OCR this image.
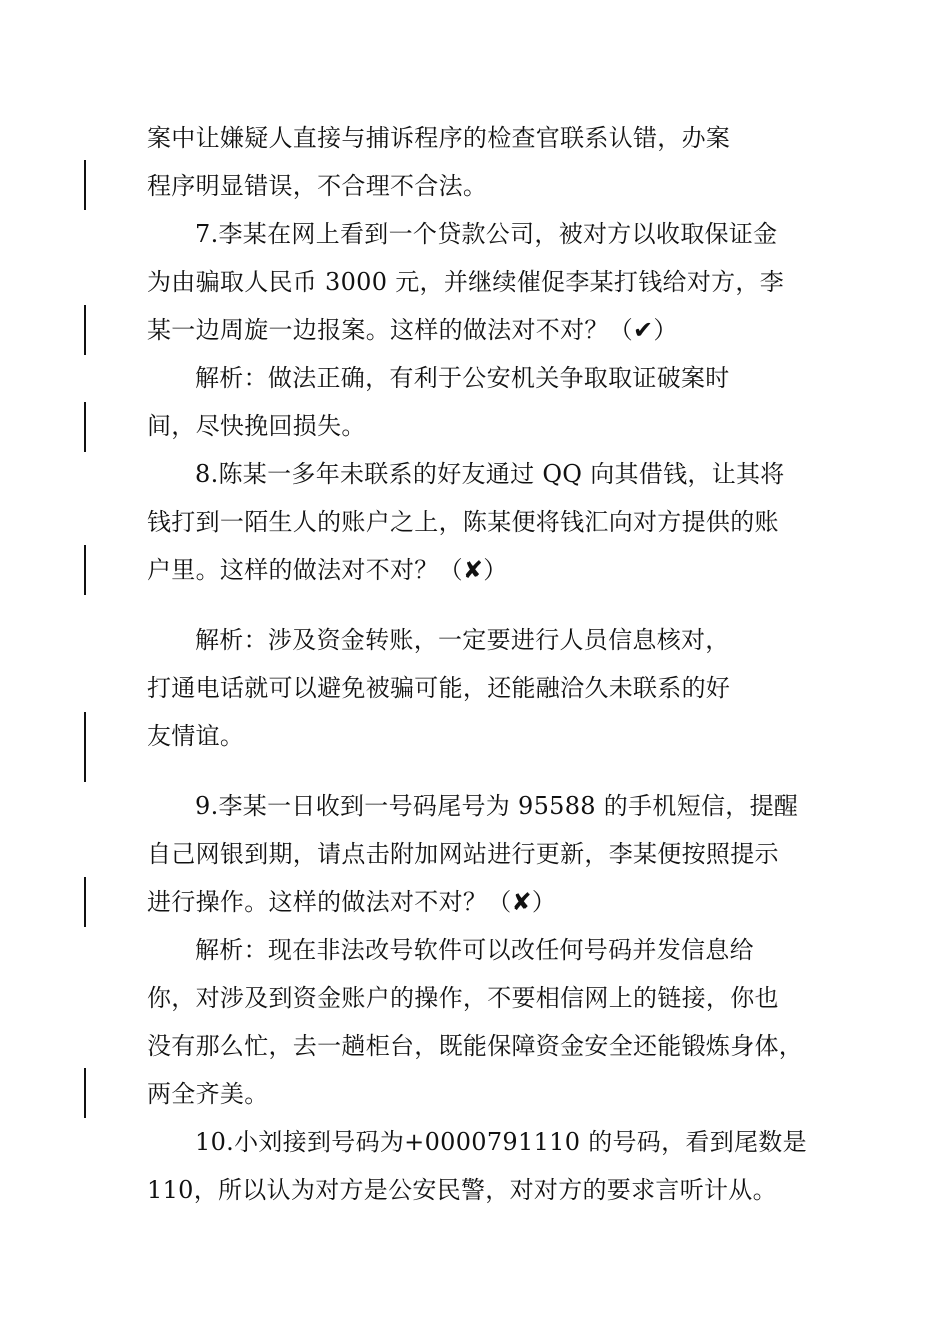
案中让嫌疑人直接与捕诉程序的检查官联系认错，办案
程序明显错误，不合理不合法。
7.李某在网上看到一个贷款公司，被对方以收取保证金
为由骗取人民币 3000 元，并继续催促李某打钱给对方，李
某一边周旋一边报案。这样的做法对不对？（✔）
解析：做法正确，有利于公安机关争取取证破案时
间，尽快挽回损失。
8.陈某一多年未联系的好友通过 QQ 向其借钱，让其将
钱打到一陌生人的账户之上，陈某便将钱汇向对方提供的账
户里。这样的做法对不对？（✘）
解析：涉及资金转账，一定要进行人员信息核对，
打通电话就可以避免被骗可能，还能融洽久未联系的好
友情谊。
9.李某一日收到一号码尾号为 95588 的手机短信，提醒
自己网银到期，请点击附加网站进行更新，李某便按照提示
进行操作。这样的做法对不对？（✘）
解析：现在非法改号软件可以改任何号码并发信息给
你，对涉及到资金账户的操作，不要相信网上的链接，你也
没有那么忙，去一趟柜台，既能保障资金安全还能锻炼身体，
两全齐美。
10.小刘接到号码为+0000791110 的号码，看到尾数是
110，所以认为对方是公安民警，对对方的要求言听计从。
